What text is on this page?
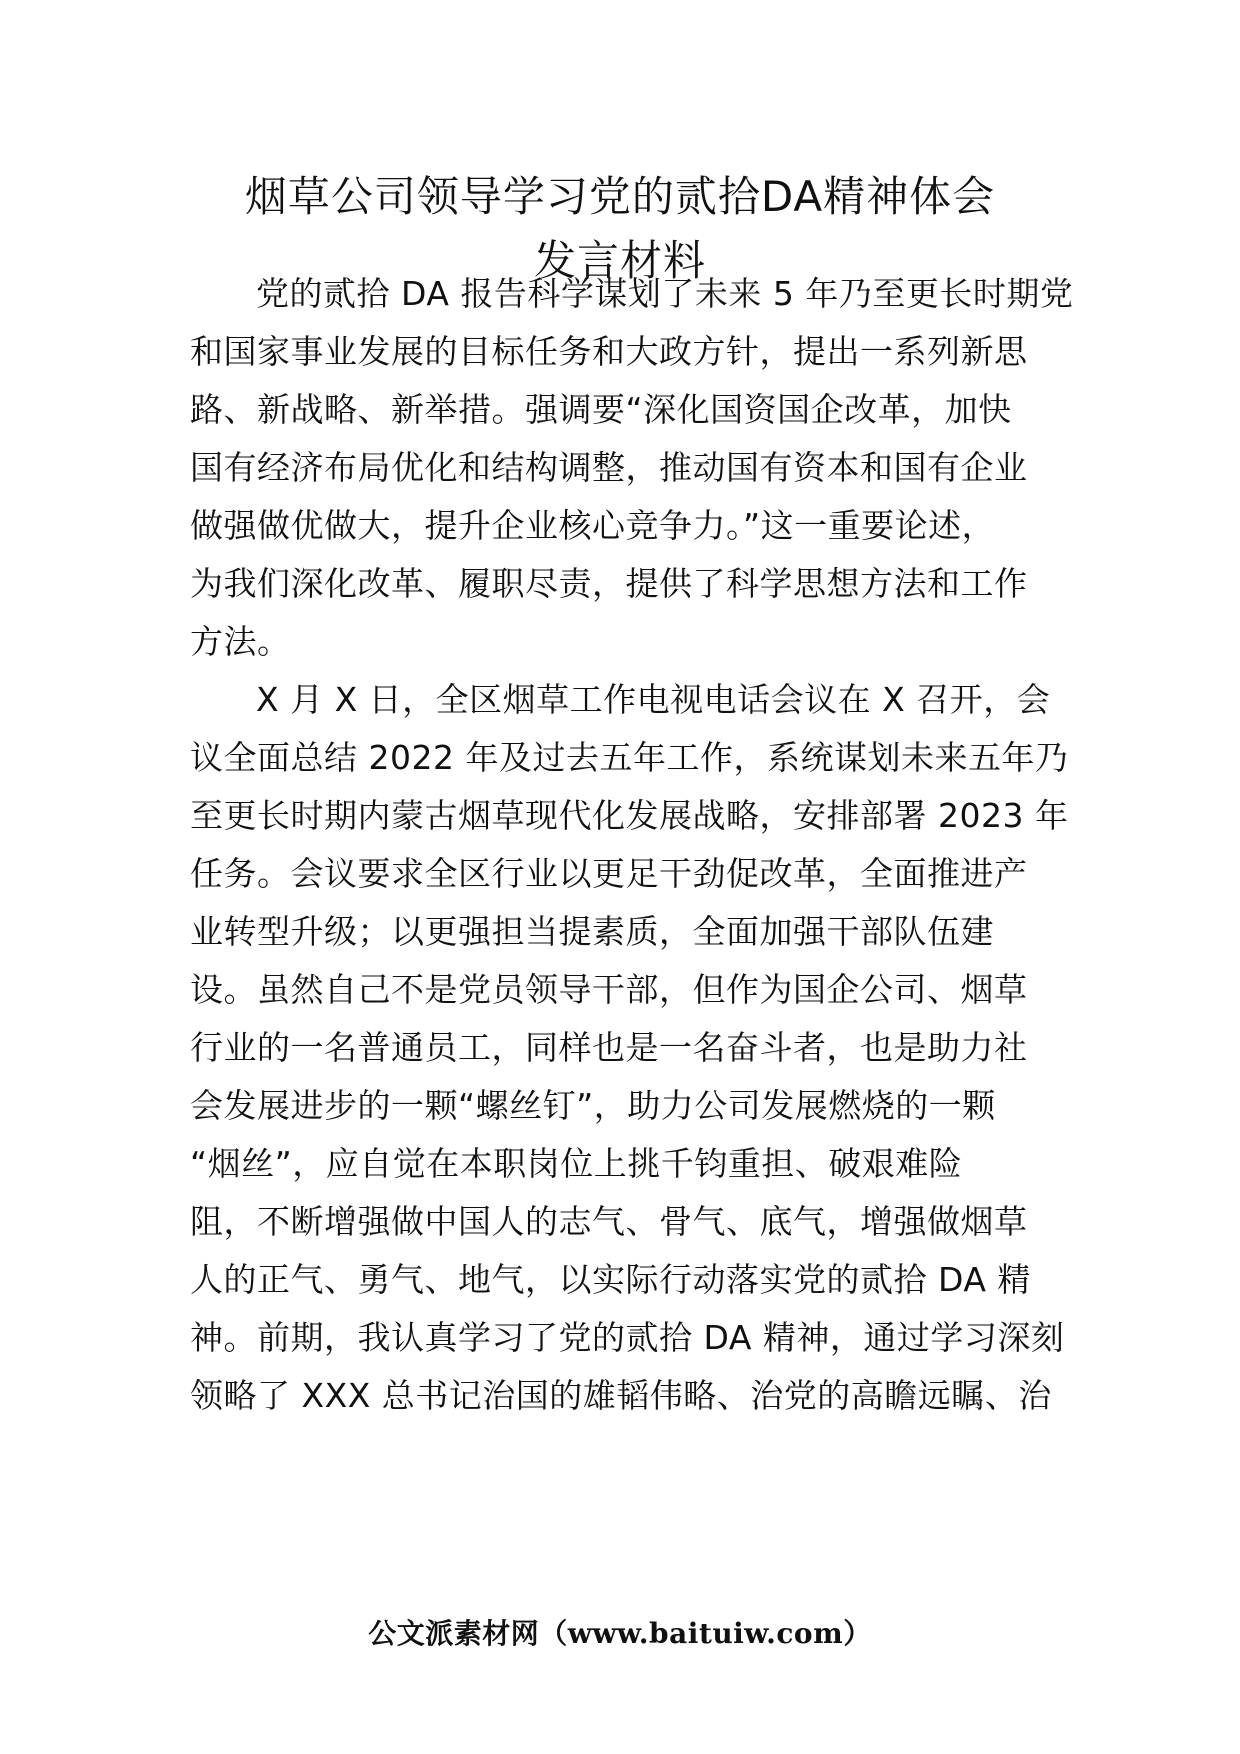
烟草公司领导学习党的贰拾DA精神体会
发言材料
党的贰拾 DA 报告科学谋划了未来 5 年乃至更长时期党
和国家事业发展的目标任务和大政方针，提出一系列新思
路、新战略、新举措。强调要“深化国资国企改革，加快
国有经济布局优化和结构调整，推动国有资本和国有企业
做强做优做大，提升企业核心竞争力。”这一重要论述，
为我们深化改革、履职尽责，提供了科学思想方法和工作
方法。
X 月 X 日，全区烟草工作电视电话会议在 X 召开，会
议全面总结 2022 年及过去五年工作，系统谋划未来五年乃
至更长时期内蒙古烟草现代化发展战略，安排部署 2023 年
任务。会议要求全区行业以更足干劲促改革，全面推进产
业转型升级；以更强担当提素质，全面加强干部队伍建
设。虽然自己不是党员领导干部，但作为国企公司、烟草
行业的一名普通员工，同样也是一名奋斗者，也是助力社
会发展进步的一颗“螺丝钉”，助力公司发展燃烧的一颗
“烟丝”，应自觉在本职岗位上挑千钧重担、破艰难险
阻，不断增强做中国人的志气、骨气、底气，增强做烟草
人的正气、勇气、地气，以实际行动落实党的贰拾 DA 精
神。前期，我认真学习了党的贰拾 DA 精神，通过学习深刻
领略了 XXX 总书记治国的雄韬伟略、治党的高瞻远瞩、治
公文派素材网（www.baituiw.com）
